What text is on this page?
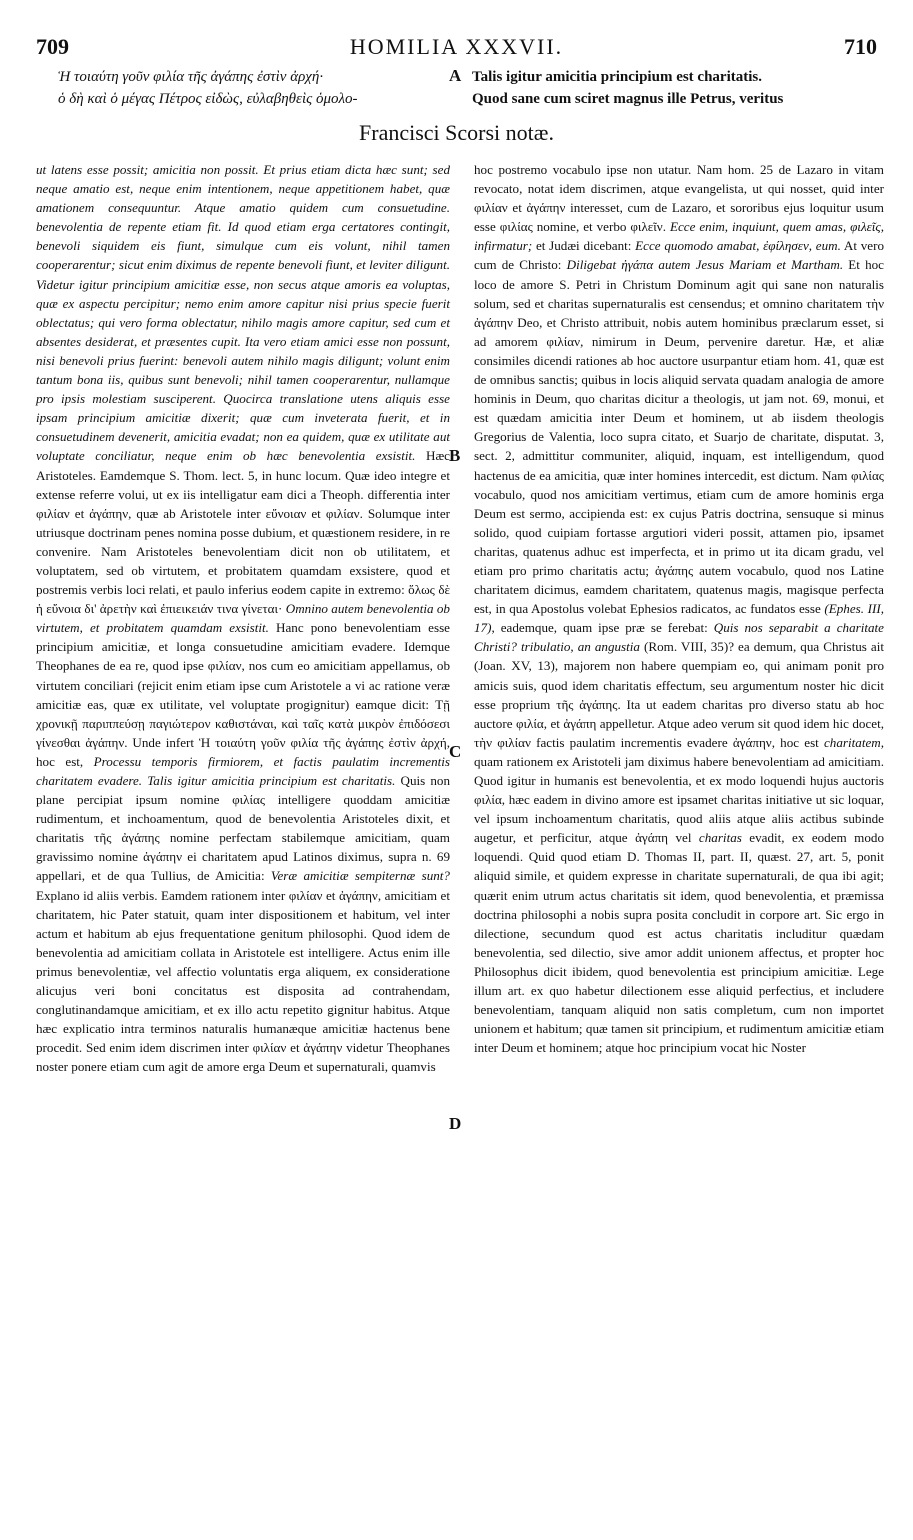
709	HOMILIA XXXVII.	710
Ἡ τοιαύτη γοῦν φιλία τῆς ἀγάπης ἐστὶν ἀρχή·
ὁ δὴ καὶ ὁ μέγας Πέτρος εἰδὼς, εὐλαβηθεὶς ὁμολο-
Talis igitur amicitia principium est charitatis.
Quod sane cum sciret magnus ille Petrus, veritus
A
B
C
D
Francisci Scorsi notæ.
ut latens esse possit; amicitia non possit. Et prius etiam dicta hæc sunt; sed neque amatio est, neque enim intentionem, neque appetitionem habet, quæ amationem consequuntur. Atque amatio quidem cum consuetudine. benevolentia de repente etiam fit. Id quod etiam erga certatores contingit, benevoli siquidem eis fiunt, simulque cum eis volunt, nihil tamen cooperarentur; sicut enim diximus de repente benevoli fiunt, et leviter diligunt. Videtur igitur principium amicitiæ esse, non secus atque amoris ea voluptas, quæ ex aspectu percipitur; nemo enim amore capitur nisi prius specie fuerit oblectatus; qui vero forma oblectatur, nihilo magis amore capitur, sed cum et absentes desiderat, et præsentes cupit. Ita vero etiam amici esse non possunt, nisi benevoli prius fuerint: benevoli autem nihilo magis diligunt; volunt enim tantum bona iis, quibus sunt benevoli; nihil tamen cooperarentur, nullamque pro ipsis molestiam susciperent. Quocirca translatione utens aliquis esse ipsam principium amicitiæ dixerit; quæ cum inveterata fuerit, et in consuetudinem devenerit, amicitia evadat; non ea quidem, quæ ex utilitate aut voluptate conciliatur, neque enim ob hæc benevolentia exsistit. Hæc Aristoteles. Eamdemque S. Thom. lect. 5, in hunc locum. Quæ ideo integre et extense referre volui, ut ex iis intelligatur eam dici a Theoph. differentia inter φιλίαν et ἀγάπην, quæ ab Aristotele inter εὔνοιαν et φιλίαν. Solumque inter utriusque doctrinam penes nomina posse dubium, et quæstionem residere, in re convenire. Nam Aristoteles benevolentiam dicit non ob utilitatem, et voluptatem, sed ob virtutem, et probitatem quamdam exsistere, quod et postremis verbis loci relati, et paulo inferius eodem capite in extremo: ὅλως δὲ ἡ εὔνοια δι' ἀρετὴν καὶ ἐπιεικειάν τινα γίνεται· Omnino autem benevolentia ob virtutem, et probitatem quamdam exsistit. Hanc pono benevolentiam esse principium amicitiæ, et longa consuetudine amicitiam evadere. Idemque Theophanes de ea re, quod ipse φιλίαν, nos cum eo amicitiam appellamus, ob virtutem conciliari (rejicit enim etiam ipse cum Aristotele a vi ac ratione veræ amicitiæ eas, quæ ex utilitate, vel voluptate progignitur) eamque dicit: Τῇ χρονικῇ παριππεύσῃ παγιώτερον καθιστάναι, καὶ ταῖς κατὰ μικρὸν ἐπιδόσεσι γίνεσθαι ἀγάπην. Unde infert Ἡ τοιαύτη γοῦν φιλία τῆς ἀγάπης ἐστὶν ἀρχή, hoc est, Processu temporis firmiorem, et factis paulatim incrementis charitatem evadere. Talis igitur amicitia principium est charitatis. Quis non plane percipiat ipsum nomine φιλίας intelligere quoddam amicitiæ rudimentum, et inchoamentum, quod de benevolentia Aristoteles dixit, et charitatis τῆς ἀγάπης nomine perfectam stabilemque amicitiam, quam gravissimo nomine ἀγάπην ei charitatem apud Latinos diximus, supra n. 69 appellari, et de qua Tullius, de Amicitia: Veræ amicitiæ sempiternæ sunt? Explano id aliis verbis. Eamdem rationem inter φιλίαν et ἀγάπην, amicitiam et charitatem, hic Pater statuit, quam inter dispositionem et habitum, vel inter actum et habitum ab ejus frequentatione genitum philosophi. Quod idem de benevolentia ad amicitiam collata in Aristotele est intelligere. Actus enim ille primus benevolentiæ, vel affectio voluntatis erga aliquem, ex consideratione alicujus veri boni concitatus est disposita ad contrahendam, conglutinandamque amicitiam, et ex illo actu repetito gignitur habitus. Atque hæc explicatio intra terminos naturalis humanæque amicitiæ hactenus bene procedit. Sed enim idem discrimen inter φιλίαν et ἀγάπην videtur Theophanes noster ponere etiam cum agit de amore erga Deum et supernaturali, quamvis
hoc postremo vocabulo ipse non utatur. Nam hom. 25 de Lazaro in vitam revocato, notat idem discrimen, atque evangelista, ut qui nosset, quid inter φιλίαν et ἀγάπην interesset, cum de Lazaro, et sororibus ejus loquitur usum esse φιλίας nomine, et verbo φιλεῖν. Ecce enim, inquiunt, quem amas, φιλεῖς, infirmatur; et Judæi dicebant: Ecce quomodo amabat, ἐφίλησεν, eum. At vero cum de Christo: Diligebat ἠγάπα autem Jesus Mariam et Martham. Et hoc loco de amore S. Petri in Christum Dominum agit qui sane non naturalis solum, sed et charitas supernaturalis est censendus; et omnino charitatem τὴν ἀγάπην Deo, et Christo attribuit, nobis autem hominibus præclarum esset, si ad amorem φιλίαν, nimirum in Deum, pervenire daretur. Hæ, et aliæ consimiles dicendi rationes ab hoc auctore usurpantur etiam hom. 41, quæ est de omnibus sanctis; quibus in locis aliquid servata quadam analogia de amore hominis in Deum, quo charitas dicitur a theologis, ut jam not. 69, monui, et est quædam amicitia inter Deum et hominem, ut ab iisdem theologis Gregorius de Valentia, loco supra citato, et Suarjo de charitate, disputat. 3, sect. 2, admittitur communiter, aliquid, inquam, est intelligendum, quod hactenus de ea amicitia, quæ inter homines intercedit, est dictum. Nam φιλίας vocabulo, quod nos amicitiam vertimus, etiam cum de amore hominis erga Deum est sermo, accipienda est: ex cujus Patris doctrina, sensuque si minus solido, quod cuipiam fortasse argutiori videri possit, attamen pio, ipsamet charitas, quatenus adhuc est imperfecta, et in primo ut ita dicam gradu, vel etiam pro primo charitatis actu; ἀγάπης autem vocabulo, quod nos Latine charitatem dicimus, eamdem charitatem, quatenus magis, magisque perfecta est, in qua Apostolus volebat Ephesios radicatos, ac fundatos esse (Ephes. III, 17), eademque, quam ipse præ se ferebat: Quis nos separabit a charitate Christi? tribulatio, an angustia (Rom. VIII, 35)? ea demum, qua Christus ait (Joan. XV, 13), majorem non habere quempiam eo, qui animam ponit pro amicis suis, quod idem charitatis effectum, seu argumentum noster hic dicit esse proprium τῆς ἀγάπης. Ita ut eadem charitas pro diverso statu ab hoc auctore φιλία, et ἀγάπη appelletur. Atque adeo verum sit quod idem hic docet, τὴν φιλίαν factis paulatim incrementis evadere ἀγάπην, hoc est charitatem, quam rationem ex Aristoteli jam diximus habere benevolentiam ad amicitiam. Quod igitur in humanis est benevolentia, et ex modo loquendi hujus auctoris φιλία, hæc eadem in divino amore est ipsamet charitas initiative ut sic loquar, vel ipsum inchoamentum charitatis, quod aliis atque aliis actibus subinde augetur, et perficitur, atque ἀγάπη vel charitas evadit, ex eodem modo loquendi. Quid quod etiam D. Thomas II, part. II, quæst. 27, art. 5, ponit aliquid simile, et quidem expresse in charitate supernaturali, de qua ibi agit; quærit enim utrum actus charitatis sit idem, quod benevolentia, et præmissa doctrina philosophi a nobis supra posita concludit in corpore art. Sic ergo in dilectione, secundum quod est actus charitatis includitur quædam benevolentia, sed dilectio, sive amor addit unionem affectus, et propter hoc Philosophus dicit ibidem, quod benevolentia est principium amicitiæ. Lege illum art. ex quo habetur dilectionem esse aliquid perfectius, et includere benevolentiam, tanquam aliquid non satis completum, cum non importet unionem et habitum; quæ tamen sit principium, et rudimentum amicitiæ etiam inter Deum et hominem; atque hoc principium vocat hic Noster
